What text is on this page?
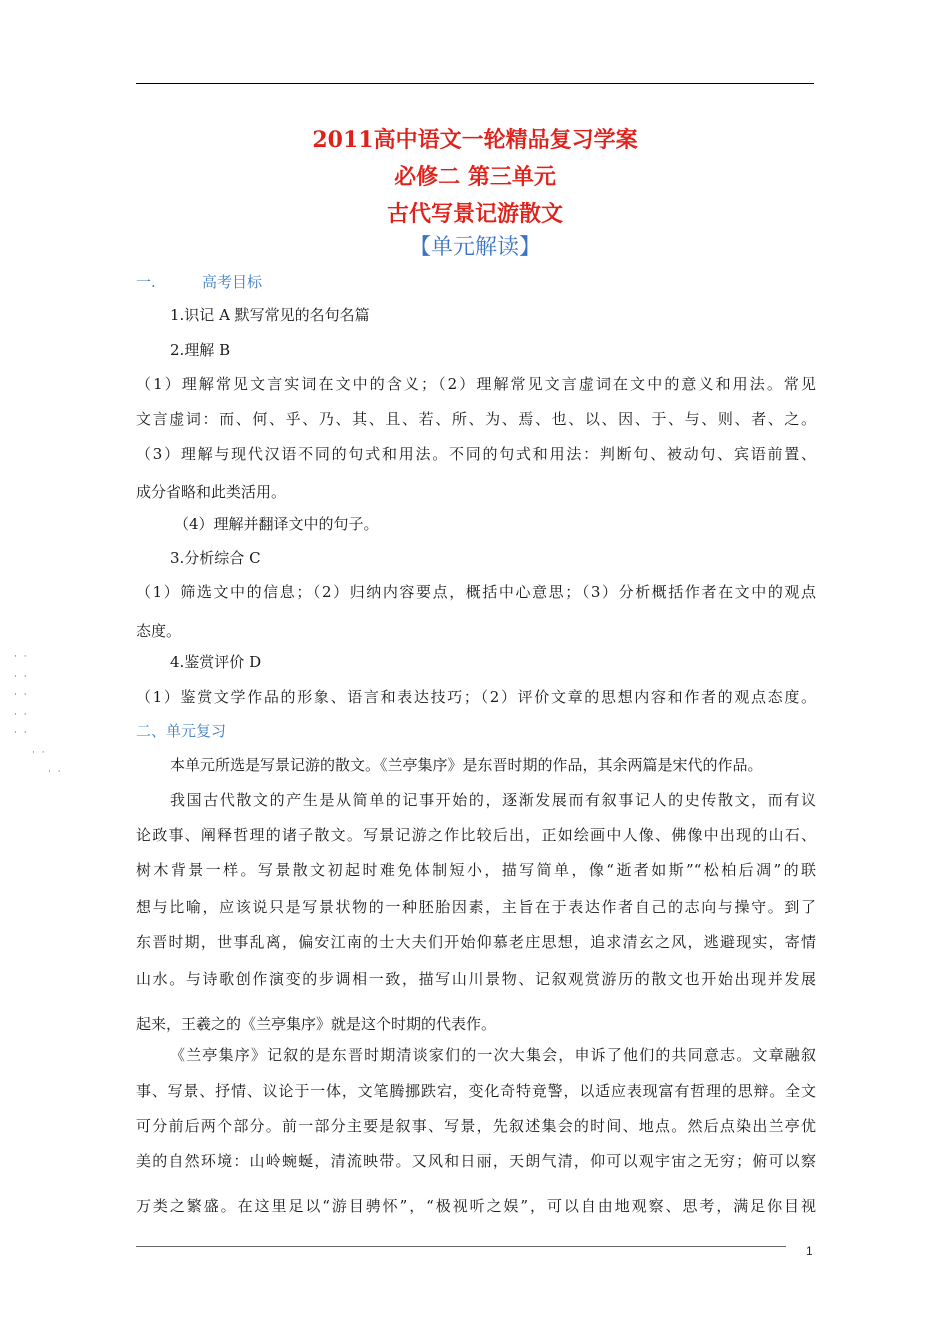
2011高中语文一轮精品复习学案
必修二 第三单元
古代写景记游散文
【单元解读】
一.	高考目标
1.识记 A 默写常见的名句名篇
2.理解 B
（1）理解常见文言实词在文中的含义；（2）理解常见文言虚词在文中的意义和用法。常见
文言虚词：而、何、乎、乃、其、且、若、所、为、焉、也、以、因、于、与、则、者、之。
（3）理解与现代汉语不同的句式和用法。不同的句式和用法：判断句、被动句、宾语前置、
成分省略和此类活用。
（4）理解并翻译文中的句子。
3.分析综合 C
（1）筛选文中的信息；（2）归纳内容要点，概括中心意思；（3）分析概括作者在文中的观点
态度。
4.鉴赏评价 D
（1）鉴赏文学作品的形象、语言和表达技巧；（2）评价文章的思想内容和作者的观点态度。
二、单元复习
本单元所选是写景记游的散文。《兰亭集序》是东晋时期的作品，其余两篇是宋代的作品。
我国古代散文的产生是从简单的记事开始的，逐渐发展而有叙事记人的史传散文，而有议
论政事、阐释哲理的诸子散文。写景记游之作比较后出，正如绘画中人像、佛像中出现的山石、
树木背景一样。写景散文初起时难免体制短小，描写简单，像“逝者如斯”“松柏后凋”的联
想与比喻，应该说只是写景状物的一种胚胎因素，主旨在于表达作者自己的志向与操守。到了
东晋时期，世事乱离，偏安江南的士大夫们开始仰慕老庄思想，追求清玄之风，逃避现实，寄情
山水。与诗歌创作演变的步调相一致，描写山川景物、记叙观赏游历的散文也开始出现并发展
起来，王羲之的《兰亭集序》就是这个时期的代表作。
《兰亭集序》记叙的是东晋时期清谈家们的一次大集会，申诉了他们的共同意志。文章融叙
事、写景、抒情、议论于一体，文笔腾挪跌宕，变化奇特竟警，以适应表现富有哲理的思辩。全文
可分前后两个部分。前一部分主要是叙事、写景，先叙述集会的时间、地点。然后点染出兰亭优
美的自然环境：山岭蜿蜒，清流映带。又风和日丽，天朗气清，仰可以观宇宙之无穷；俯可以察
万类之繁盛。在这里足以“游目骋怀”，“极视听之娱”，可以自由地观察、思考，满足你目视
· ·
· ·
· ·
· ·
· ·
· ·
· ·
1
